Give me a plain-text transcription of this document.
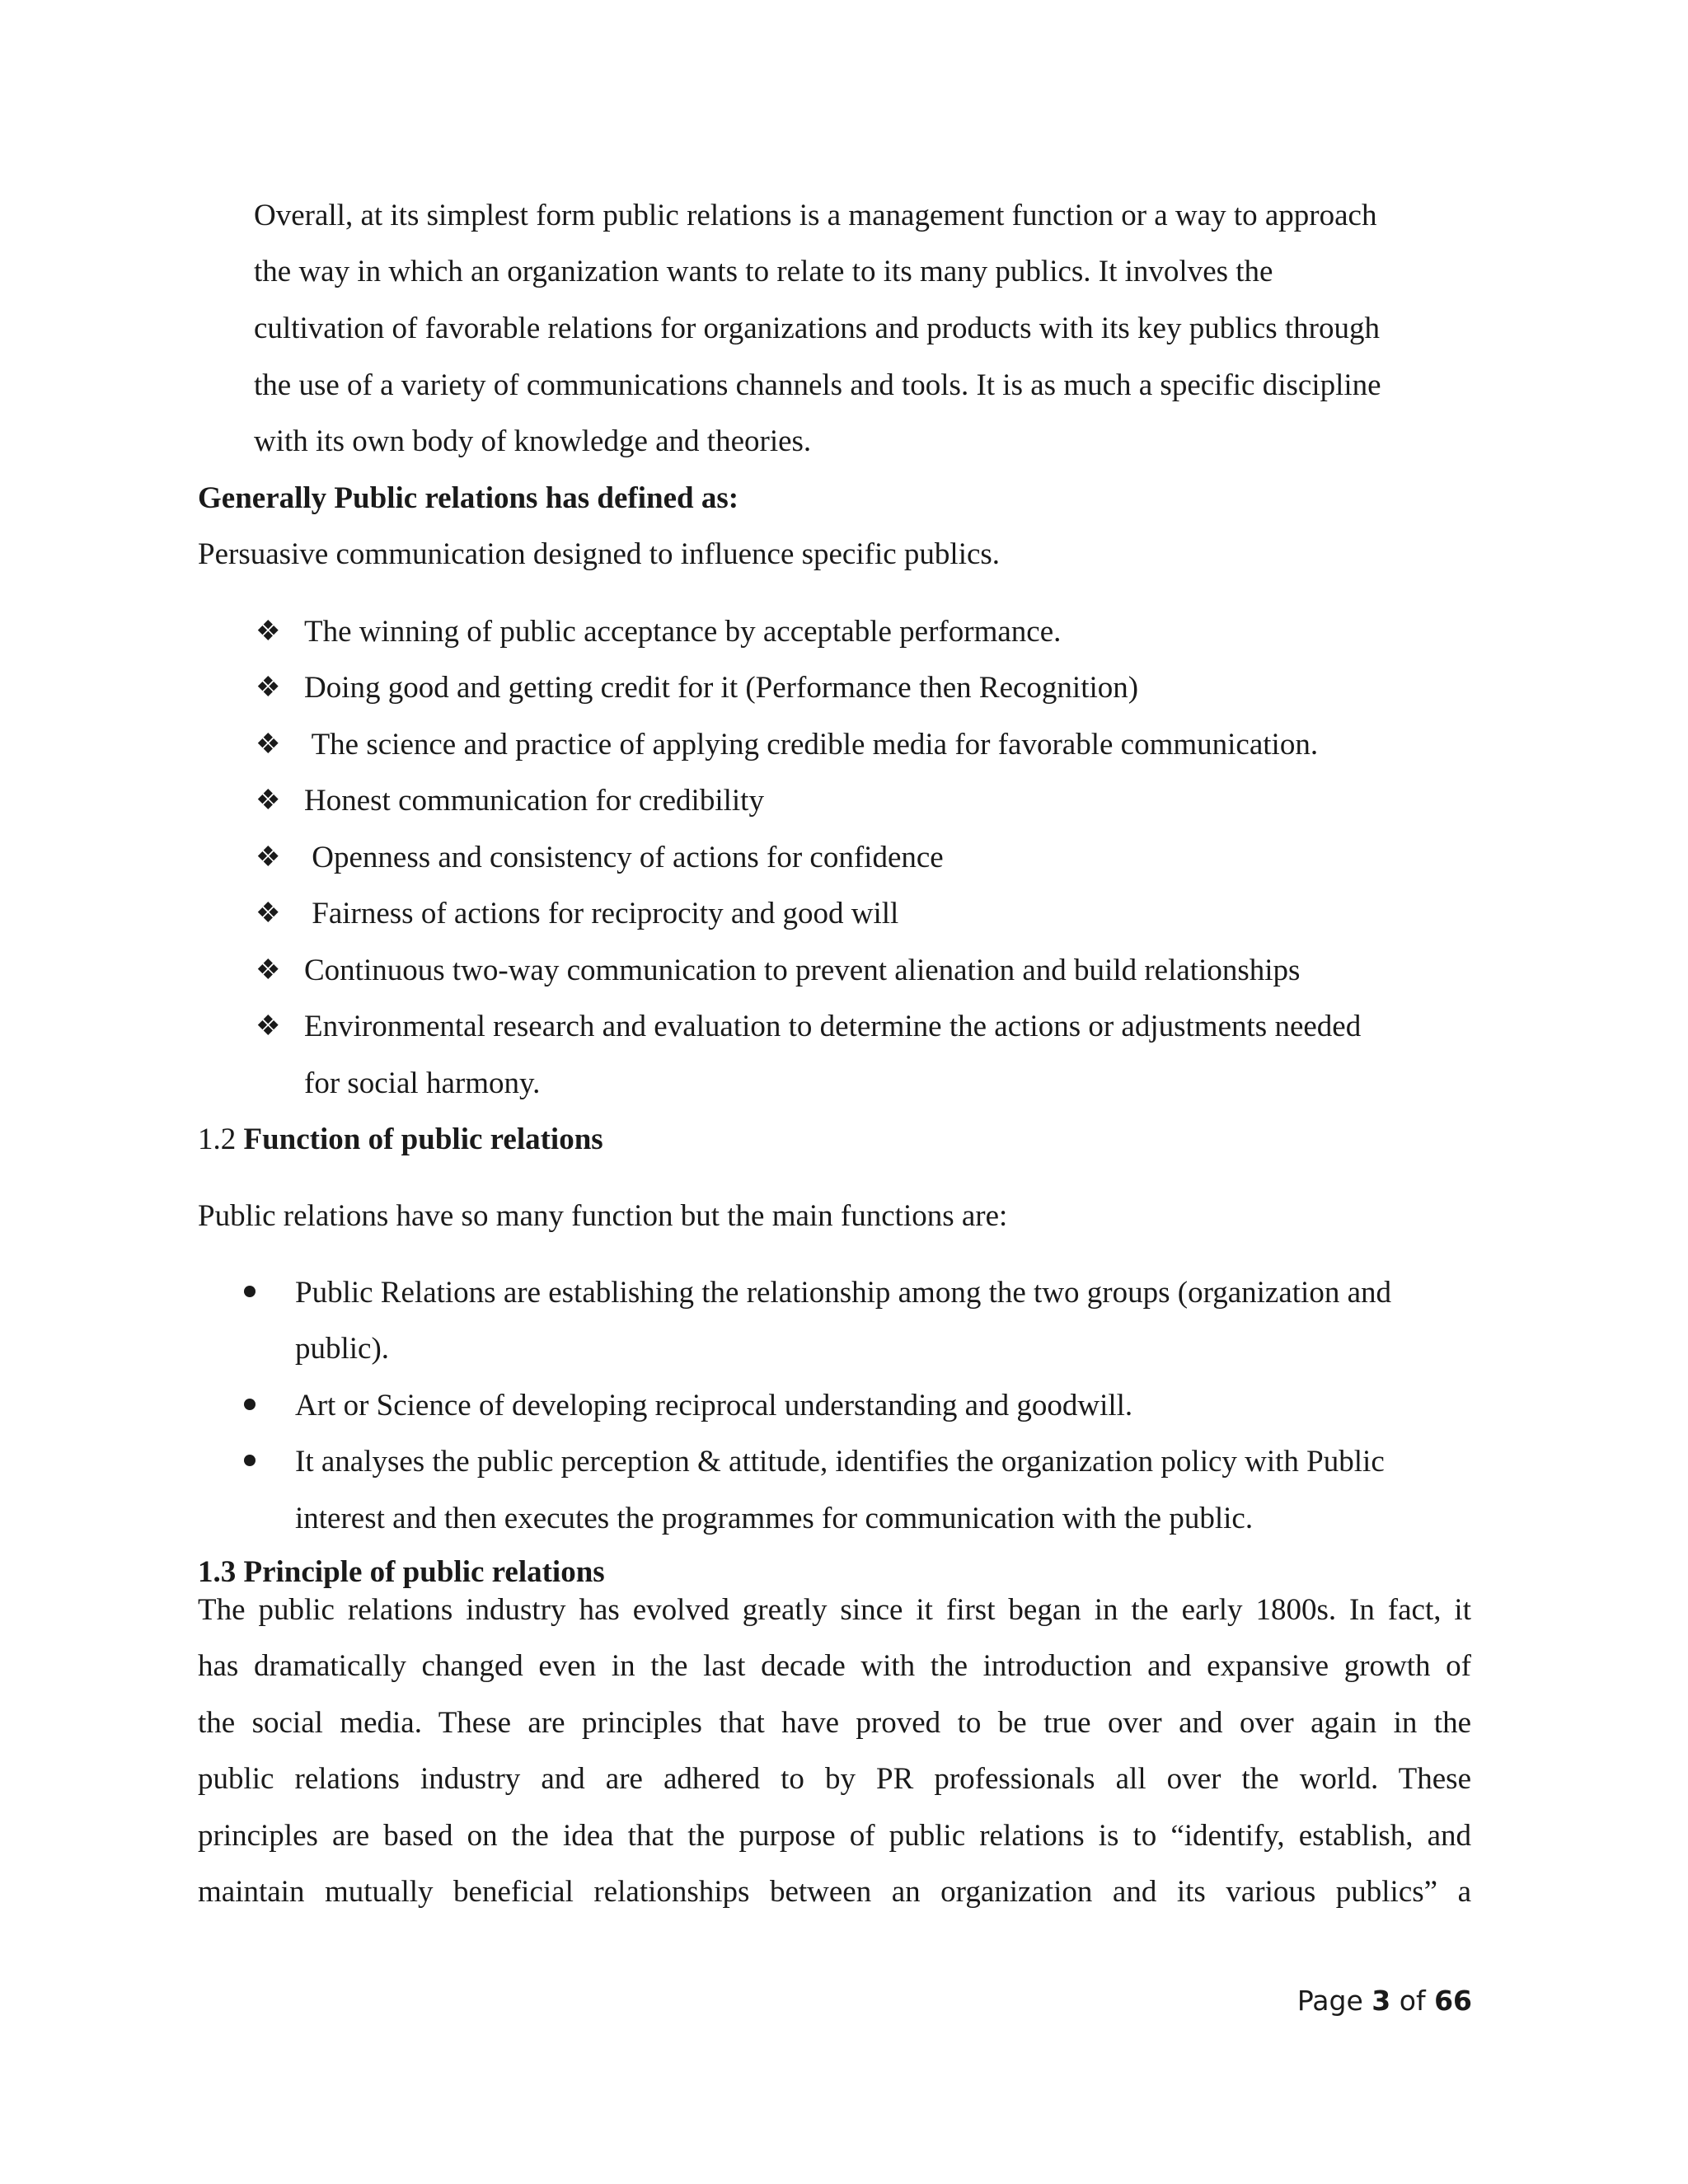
Overall, at its simplest form public relations is a management function or a way to approach
the way in which an organization wants to relate to its many publics. It involves the
cultivation of favorable relations for organizations and products with its key publics through
the use of a variety of communications channels and tools. It is as much a specific discipline
with its own body of knowledge and theories.
Generally Public relations has defined as:
Persuasive communication designed to influence specific publics.
❖ The winning of public acceptance by acceptable performance.
❖ Doing good and getting credit for it (Performance then Recognition)
❖ The science and practice of applying credible media for favorable communication.
❖ Honest communication for credibility
❖ Openness and consistency of actions for confidence
❖ Fairness of actions for reciprocity and good will
❖ Continuous two-way communication to prevent alienation and build relationships
❖ Environmental research and evaluation to determine the actions or adjustments needed
for social harmony.
1.2 Function of public relations
Public relations have so many function but the main functions are:
Public Relations are establishing the relationship among the two groups (organization and
public).
Art or Science of developing reciprocal understanding and goodwill.
It analyses the public perception & attitude, identifies the organization policy with Public
interest and then executes the programmes for communication with the public.
1.3 Principle of public relations
The public relations industry has evolved greatly since it first began in the early 1800s. In fact, it
has dramatically changed even in the last decade with the introduction and expansive growth of
the social media. These are principles that have proved to be true over and over again in the
public relations industry and are adhered to by PR professionals all over the world. These
principles are based on the idea that the purpose of public relations is to “identify, establish, and
maintain mutually beneficial relationships between an organization and its various publics” a
Page 3 of 66
